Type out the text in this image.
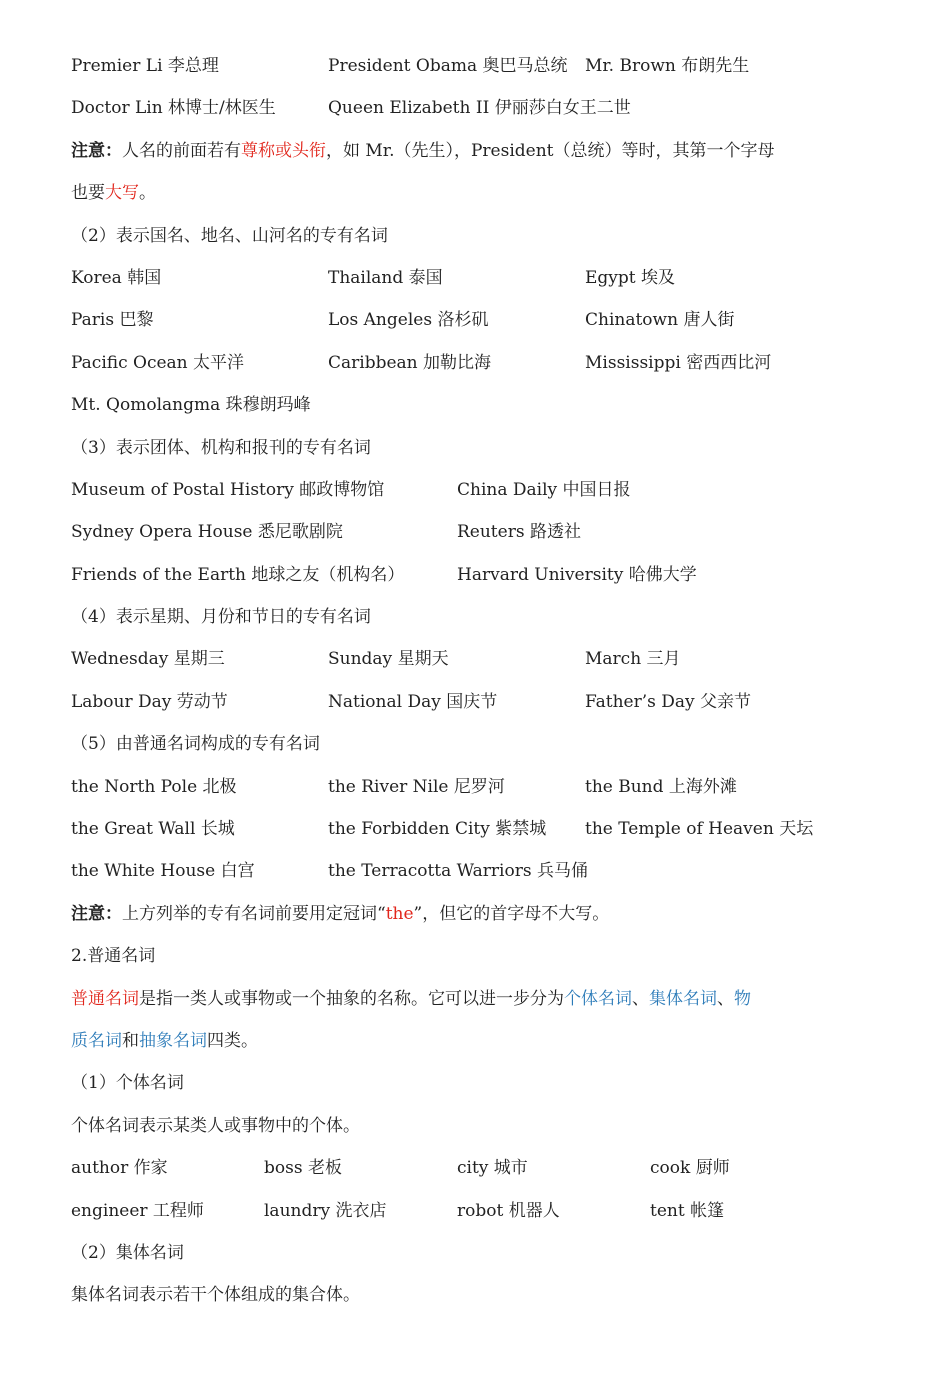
Premier Li 李总理	President Obama 奥巴马总统	Mr. Brown 布朗先生
Doctor Lin 林博士/林医生	Queen Elizabeth II 伊丽莎白女王二世
注意：人名的前面若有尊称或头衔，如 Mr.（先生），President（总统）等时，其第一个字母
也要大写。
（2）表示国名、地名、山河名的专有名词
Korea 韩国	Thailand 泰国	Egypt 埃及
Paris 巴黎	Los Angeles 洛杉矶	Chinatown 唐人街
Pacific Ocean 太平洋	Caribbean 加勒比海	Mississippi 密西西比河
Mt. Qomolangma 珠穆朗玛峰
（3）表示团体、机构和报刊的专有名词
Museum of Postal History 邮政博物馆	China Daily 中国日报
Sydney Opera House 悉尼歌剧院	Reuters 路透社
Friends of the Earth 地球之友（机构名）	Harvard University 哈佛大学
（4）表示星期、月份和节日的专有名词
Wednesday 星期三	Sunday 星期天	March 三月
Labour Day 劳动节	National Day 国庆节	Father’s Day 父亲节
（5）由普通名词构成的专有名词
the North Pole 北极	the River Nile 尼罗河	the Bund 上海外滩
the Great Wall 长城	the Forbidden City 紫禁城	the Temple of Heaven 天坛
the White House 白宫	the Terracotta Warriors 兵马俑
注意：上方列举的专有名词前要用定冠词“the”，但它的首字母不大写。
2.普通名词
普通名词是指一类人或事物或一个抽象的名称。它可以进一步分为个体名词、集体名词、物
质名词和抽象名词四类。
（1）个体名词
个体名词表示某类人或事物中的个体。
author 作家	boss 老板	city 城市	cook 厨师
engineer 工程师	laundry 洗衣店	robot 机器人	tent 帐篷
（2）集体名词
集体名词表示若干个体组成的集合体。
